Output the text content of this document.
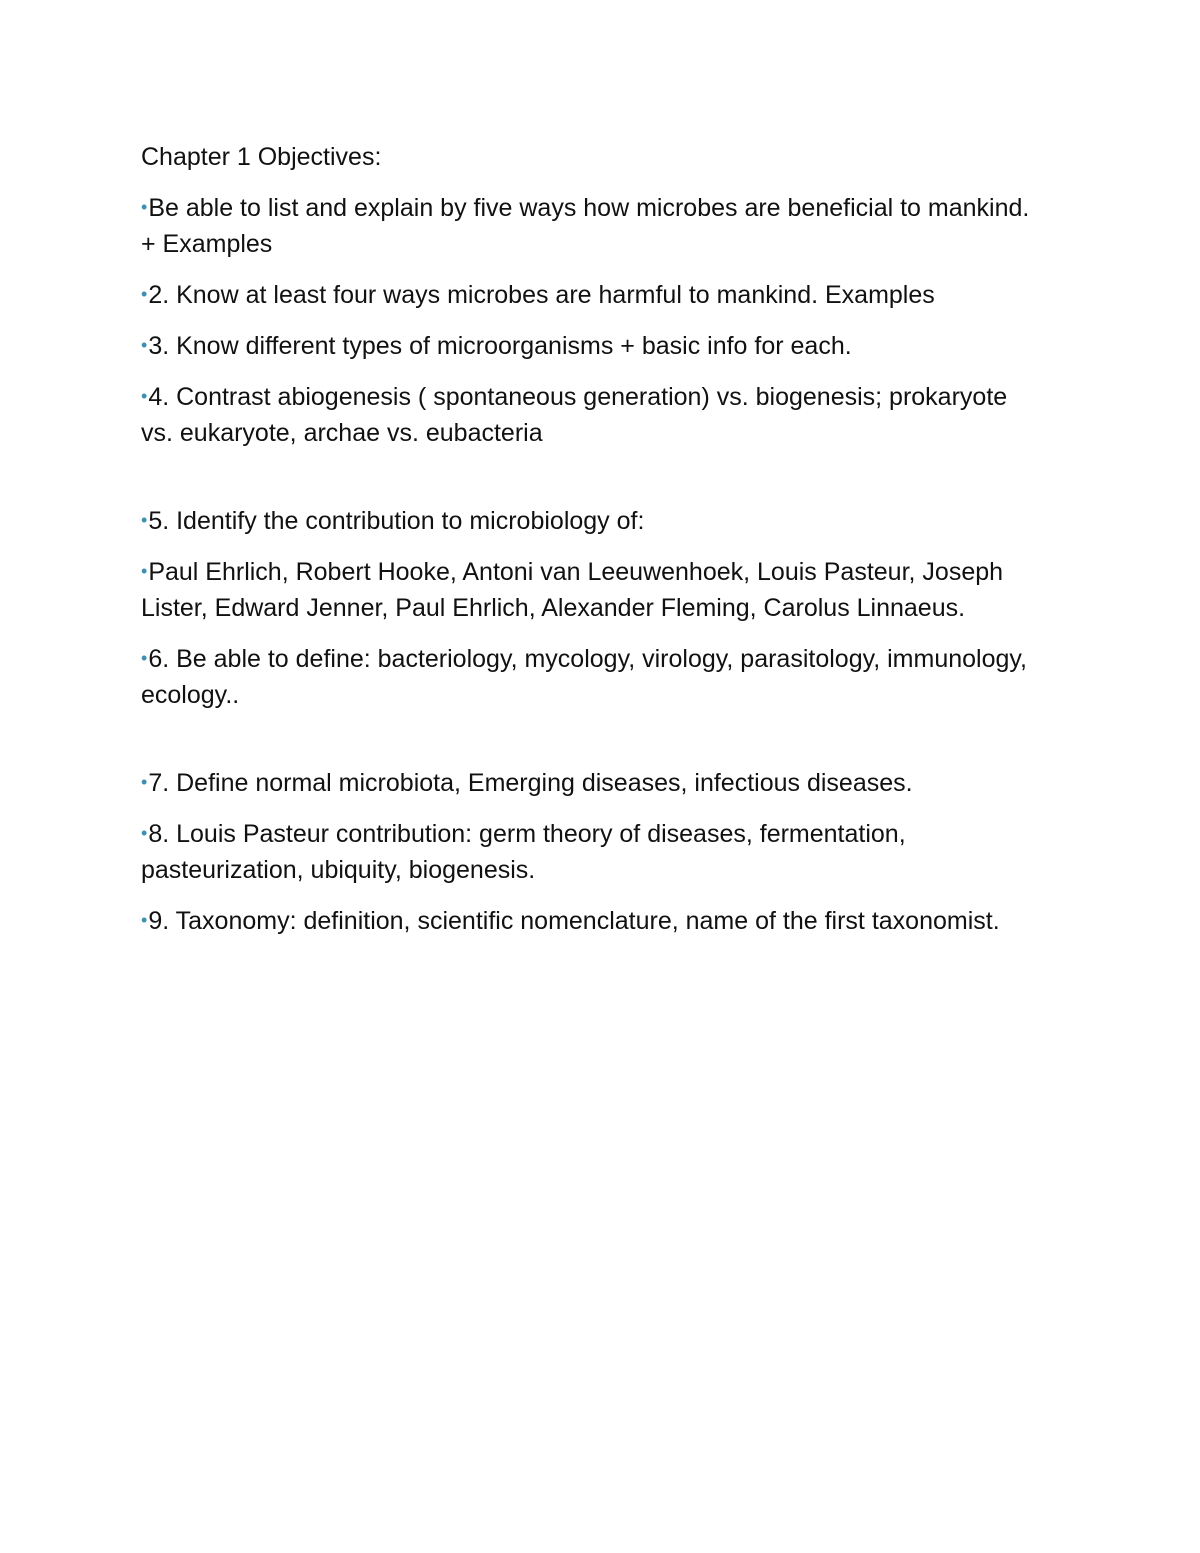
Chapter 1 Objectives:

•Be able to list and explain by five ways how microbes are beneficial to mankind. + Examples

•2. Know at least four ways microbes are harmful to mankind. Examples

•3. Know different types of microorganisms + basic info for each.

•4. Contrast abiogenesis ( spontaneous generation) vs. biogenesis; prokaryote vs. eukaryote, archae vs. eubacteria

•5. Identify the contribution to microbiology of:

•Paul Ehrlich, Robert Hooke, Antoni van Leeuwenhoek, Louis Pasteur, Joseph Lister, Edward Jenner, Paul Ehrlich, Alexander Fleming, Carolus Linnaeus.

•6. Be able to define: bacteriology, mycology, virology, parasitology, immunology, ecology..

•7. Define normal microbiota, Emerging diseases, infectious diseases.

•8. Louis Pasteur contribution: germ theory of diseases, fermentation, pasteurization, ubiquity, biogenesis.

•9. Taxonomy: definition, scientific nomenclature, name of the first taxonomist.
